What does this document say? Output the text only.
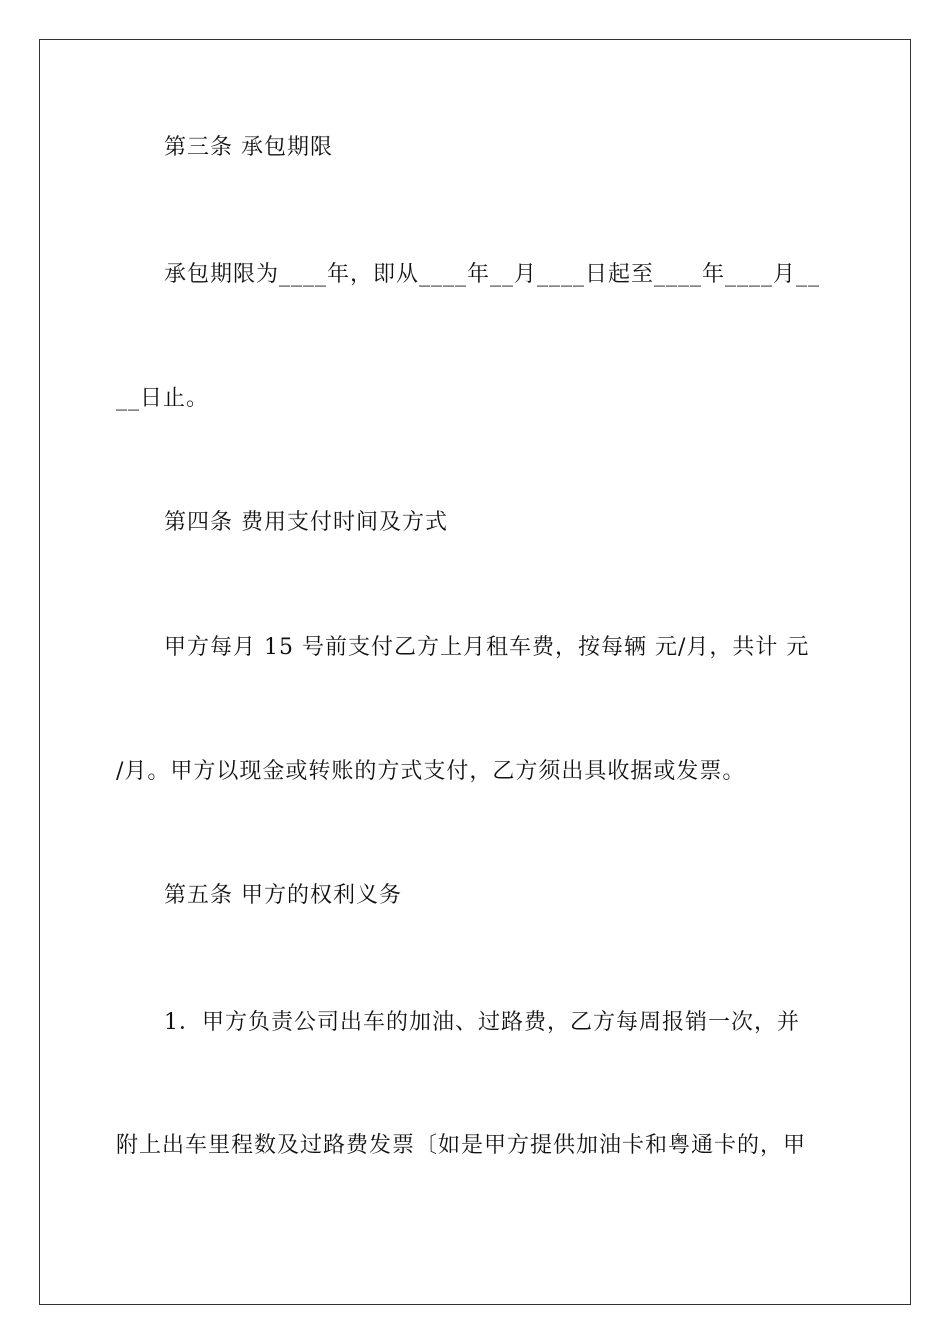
第三条 承包期限
承包期限为____年，即从____年__月____日起至____年____月__
__日止。
第四条 费用支付时间及方式
甲方每月 15 号前支付乙方上月租车费，按每辆 元/月，共计 元
/月。甲方以现金或转账的方式支付，乙方须出具收据或发票。
第五条 甲方的权利义务
1．甲方负责公司出车的加油、过路费，乙方每周报销一次，并
附上出车里程数及过路费发票〔如是甲方提供加油卡和粤通卡的，甲
